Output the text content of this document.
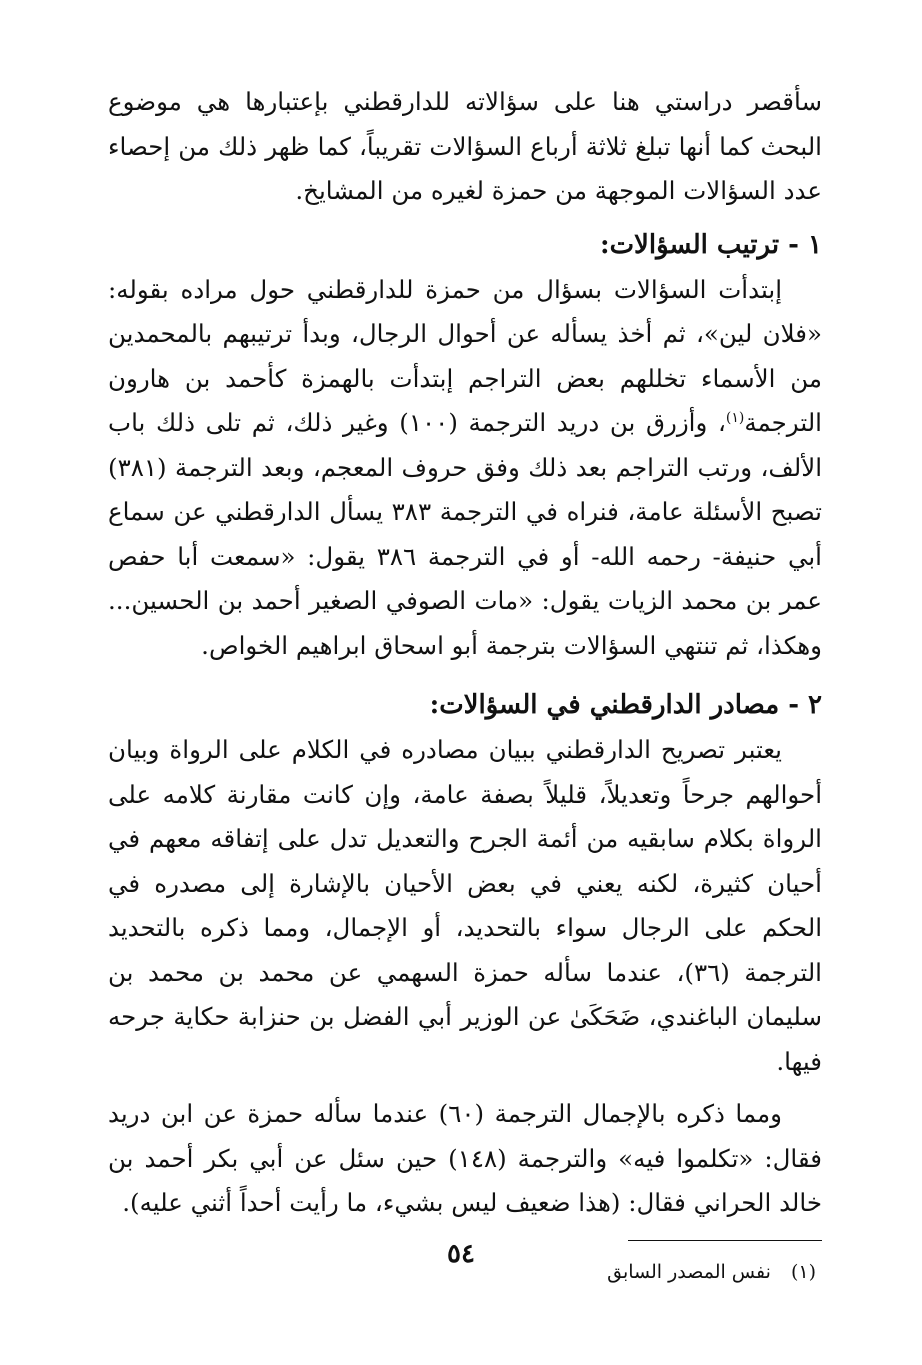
سأقصر دراستي هنا على سؤالاته للدارقطني بإعتبارها هي موضوع البحث كما أنها تبلغ ثلاثة أرباع السؤالات تقريباً، كما ظهر ذلك من إحصاء عدد السؤالات الموجهة من حمزة لغيره من المشايخ.

١ - ترتيب السؤالات:

إبتدأت السؤالات بسؤال من حمزة للدارقطني حول مراده بقوله: «فلان لين»، ثم أخذ يسأله عن أحوال الرجال، وبدأ ترتيبهم بالمحمدين من الأسماء تخللهم بعض التراجم إبتدأت بالهمزة كأحمد بن هارون الترجمة$^{(١)}$، وأزرق بن دريد الترجمة (١٠٠) وغير ذلك، ثم تلى ذلك باب الألف، ورتب التراجم بعد ذلك وفق حروف المعجم، وبعد الترجمة (٣٨١) تصبح الأسئلة عامة، فنراه في الترجمة ٣٨٣ يسأل الدارقطني عن سماع أبي حنيفة- رحمه الله- أو في الترجمة ٣٨٦ يقول: «سمعت أبا حفص عمر بن محمد الزيات يقول: «مات الصوفي الصغير أحمد بن الحسين... وهكذا، ثم تنتهي السؤالات بترجمة أبو اسحاق ابراهيم الخواص.

٢ - مصادر الدارقطني في السؤالات:

يعتبر تصريح الدارقطني ببيان مصادره في الكلام على الرواة وبيان أحوالهم جرحاً وتعديلاً، قليلاً بصفة عامة، وإن كانت مقارنة كلامه على الرواة بكلام سابقيه من أئمة الجرح والتعديل تدل على إتفاقه معهم في أحيان كثيرة، لكنه يعني في بعض الأحيان بالإشارة إلى مصدره في الحكم على الرجال سواء بالتحديد، أو الإجمال، ومما ذكره بالتحديد الترجمة (٣٦)، عندما سأله حمزة السهمي عن محمد بن محمد بن سليمان الباغندي، ضَحَكَىٰ عن الوزير أبي الفضل بن حنزابة حكاية جرحه فيها.

ومما ذكره بالإجمال الترجمة (٦٠) عندما سأله حمزة عن ابن دريد فقال: «تكلموا فيه» والترجمة (١٤٨) حين سئل عن أبي بكر أحمد بن خالد الحراني فقال: (هذا ضعيف ليس بشيء، ما رأيت أحداً أثني عليه).

(١)نفس المصدر السابق

٥٤
